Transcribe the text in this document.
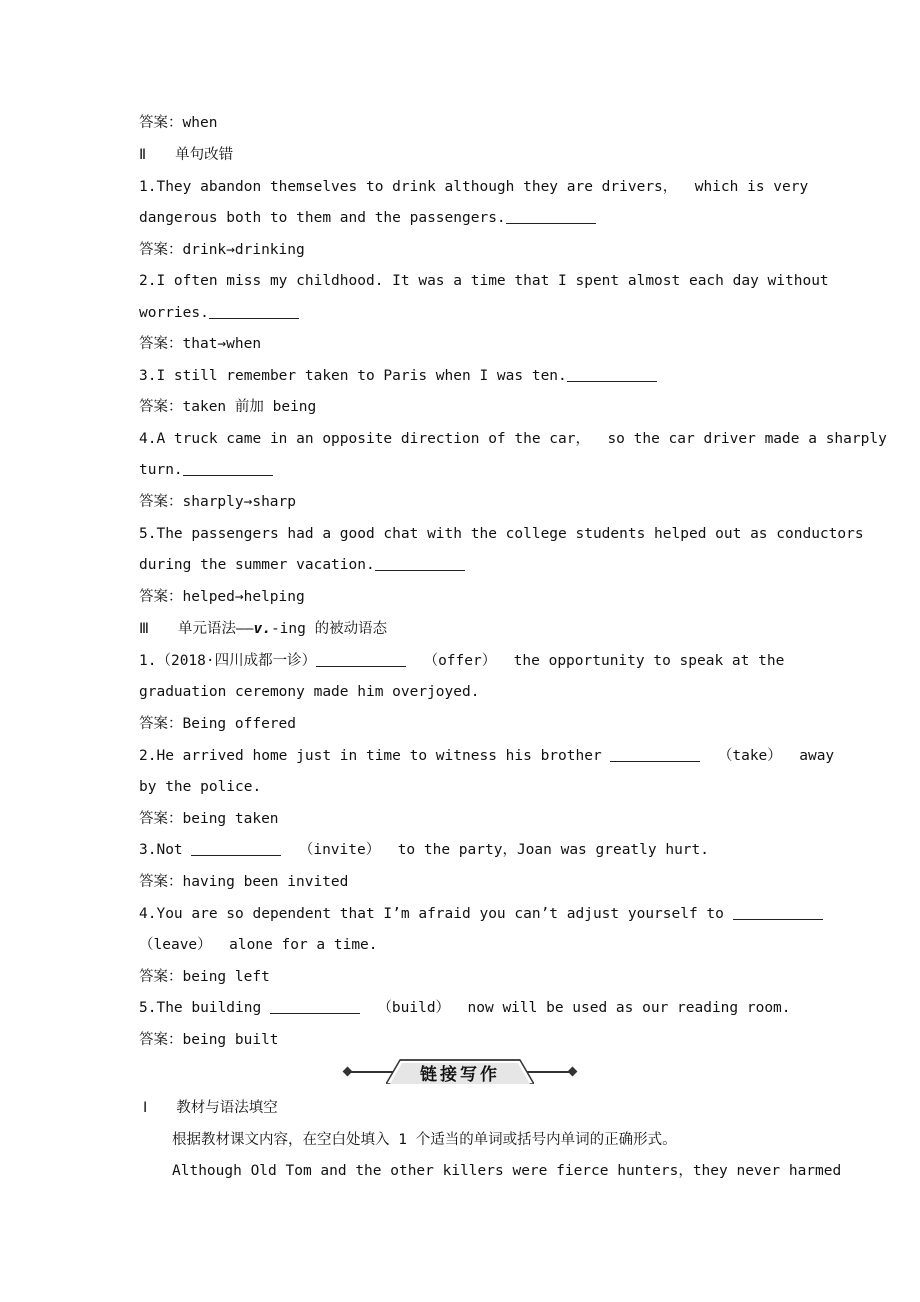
答案：when
Ⅱ　　单句改错
1.They abandon themselves to drink although they are drivers，  which is very
dangerous both to them and the passengers.
答案：drink→drinking
2.I often miss my childhood. It was a time that I spent almost each day without
worries.
答案：that→when
3.I still remember taken to Paris when I was ten.
答案：taken 前加 being
4.A truck came in an opposite direction of the car，  so the car driver made a sharply
turn.
答案：sharply→sharp
5.The passengers had a good chat with the college students helped out as conductors
during the summer vacation.
答案：helped→helping
Ⅲ　　单元语法——v.-ing 的被动语态
1.（2018·四川成都一诊）	（offer）  the opportunity to speak at the
graduation ceremony made him overjoyed.
答案：Being offered
2.He arrived home just in time to witness his brother	（take）  away
by the police.
答案：being taken
3.Not	（invite）  to the party，Joan was greatly hurt.
答案：having been invited
4.You are so dependent that I’m afraid you can’t adjust yourself to
（leave）  alone for a time.
答案：being left
5.The building	（build）  now will be used as our reading room.
答案：being built
链接写作
Ⅰ　　教材与语法填空
根据教材课文内容，在空白处填入 1 个适当的单词或括号内单词的正确形式。
Although Old Tom and the other killers were fierce hunters，they never harmed
